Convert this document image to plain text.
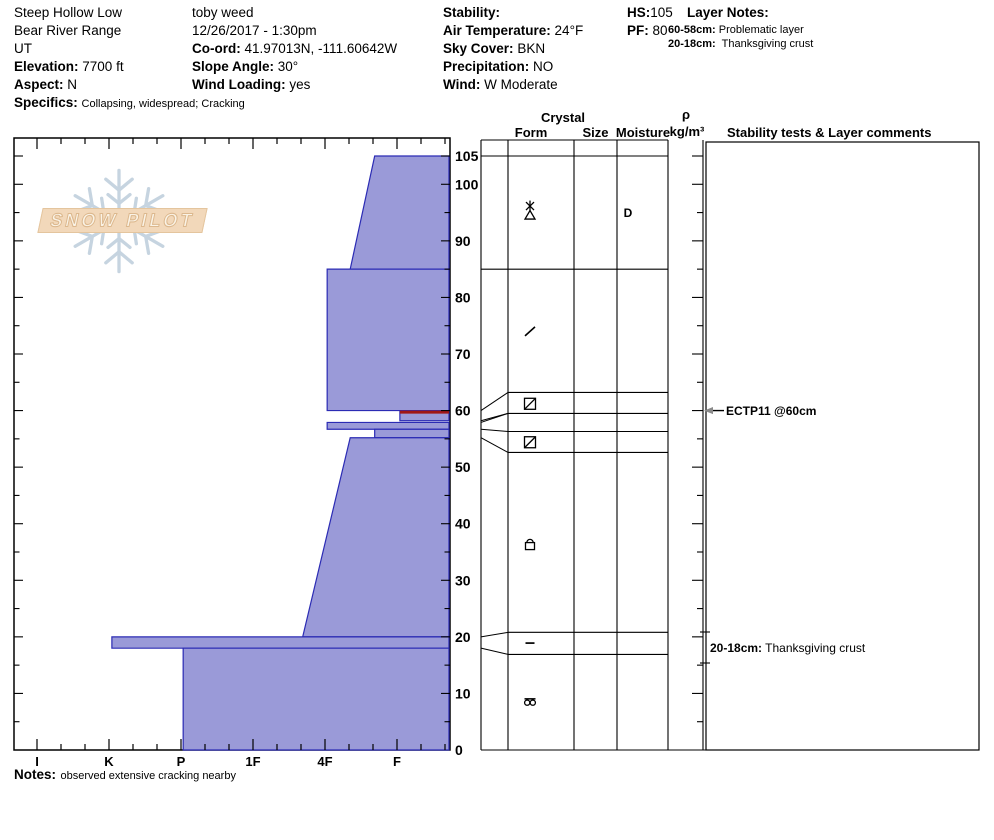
Steep Hollow Low
Bear River Range
UT
Elevation: 7700 ft
Aspect: N
Specifics: Collapsing, widespread; Cracking
toby weed
12/26/2017 - 1:30pm
Co-ord: 41.97013N, -111.60642W
Slope Angle: 30°
Wind Loading: yes
Stability:
Air Temperature: 24°F
Sky Cover: BKN
Precipitation: NO
Wind: W Moderate
HS:105
PF: 80
Layer Notes:
60-58cm: Problematic layer
20-18cm: Thanksgiving crust
SNOW PILOT
Crystal
Form	Size Moisture
ρ
kg/m³	Stability tests & Layer comments
ECTP11 @60cm
20-18cm: Thanksgiving crust
Notes: observed extensive cracking nearby
I	K	P	1F	4F	F
105
100
90
80
70
60
50
40
30
20
10
0
D
